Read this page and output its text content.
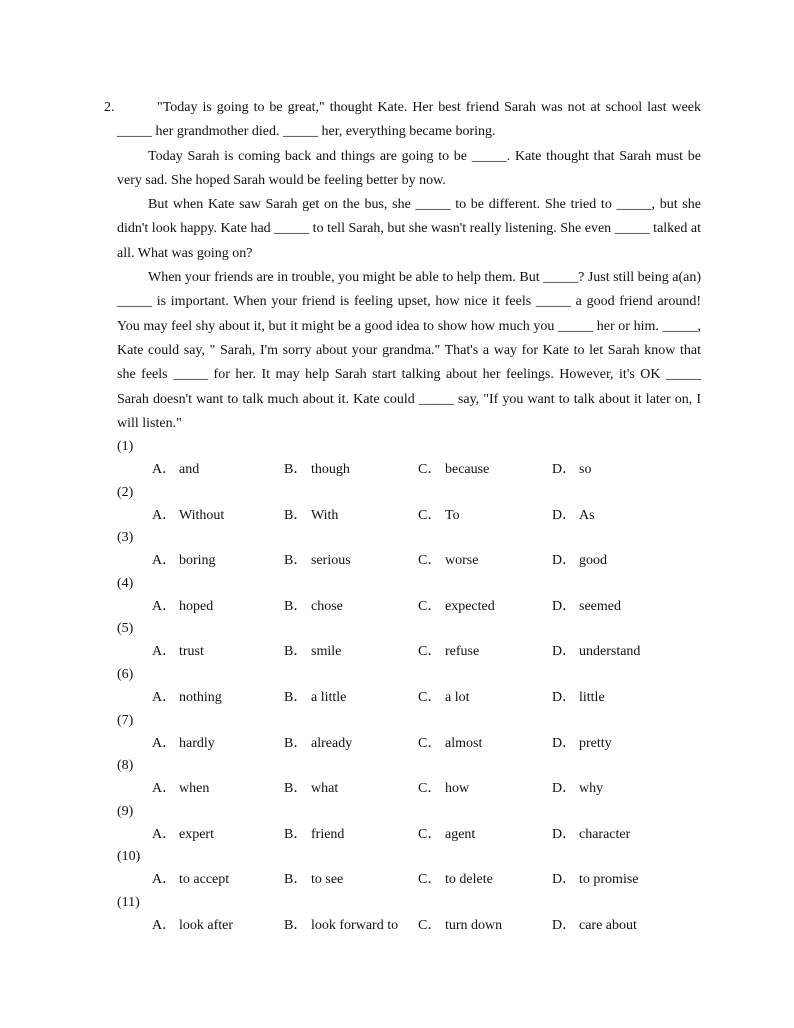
2.	"Today is going to be great," thought Kate. Her best friend Sarah was not at school last week _____ her grandmother died. _____ her, everything became boring.

Today Sarah is coming back and things are going to be _____. Kate thought that Sarah must be very sad. She hoped Sarah would be feeling better by now.

But when Kate saw Sarah get on the bus, she _____ to be different. She tried to _____, but she didn't look happy. Kate had _____ to tell Sarah, but she wasn't really listening. She even _____ talked at all. What was going on?

When your friends are in trouble, you might be able to help them. But _____? Just still being a(an) _____ is important. When your friend is feeling upset, how nice it feels _____ a good friend around! You may feel shy about it, but it might be a good idea to show how much you _____ her or him. _____, Kate could say, " Sarah, I'm sorry about your grandma." That's a way for Kate to let Sarah know that she feels _____ for her. It may help Sarah start talking about her feelings. However, it's OK _____ Sarah doesn't want to talk much about it. Kate could _____ say, "If you want to talk about it later on, I will listen."

(1)
A． and	B． though	C． because	D． so
(2)
A． Without	B． With	C． To	D． As
(3)
A． boring	B． serious	C． worse	D． good
(4)
A． hoped	B． chose	C． expected	D． seemed
(5)
A． trust	B． smile	C． refuse	D． understand
(6)
A． nothing	B． a little	C． a lot	D． little
(7)
A． hardly	B． already	C． almost	D． pretty
(8)
A． when	B． what	C． how	D． why
(9)
A． expert	B． friend	C． agent	D． character
(10)
A． to accept	B． to see	C． to delete	D． to promise
(11)
A． look after	B． look forward to C． turn down	D． care about
